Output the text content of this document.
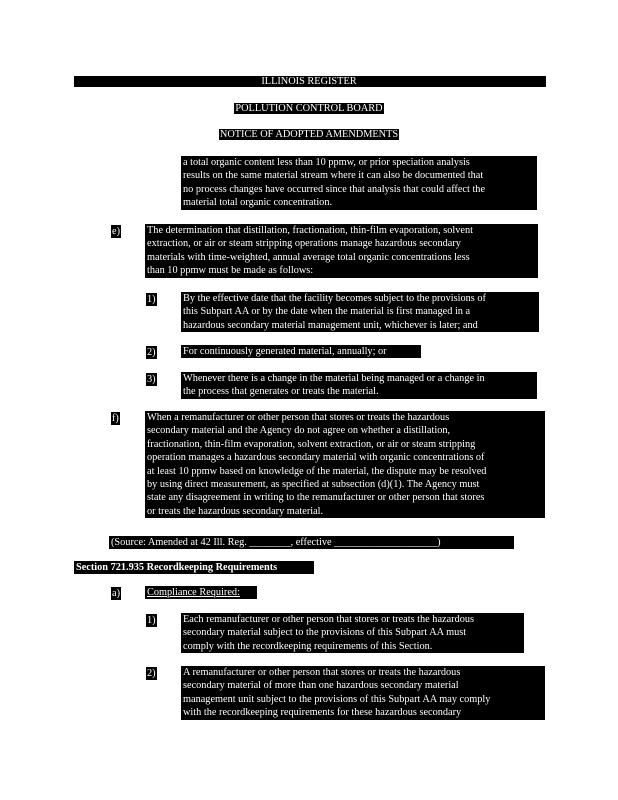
ILLINOIS REGISTER
POLLUTION CONTROL BOARD
NOTICE OF ADOPTED AMENDMENTS
a total organic content less than 10 ppmw, or prior speciation analysis
results on the same material stream where it can also be documented that
no process changes have occurred since that analysis that could affect the
material total organic concentration.
e)	The determination that distillation, fractionation, thin-film evaporation, solvent
extraction, or air or steam stripping operations manage hazardous secondary
materials with time-weighted, annual average total organic concentrations less
than 10 ppmw must be made as follows:
1)	By the effective date that the facility becomes subject to the provisions of
this Subpart AA or by the date when the material is first managed in a
hazardous secondary material management unit, whichever is later; and
2)	For continuously generated material, annually; or
3)	Whenever there is a change in the material being managed or a change in
the process that generates or treats the material.
f)	When a remanufacturer or other person that stores or treats the hazardous
secondary material and the Agency do not agree on whether a distillation,
fractionation, thin-film evaporation, solvent extraction, or air or steam stripping
operation manages a hazardous secondary material with organic concentrations of
at least 10 ppmw based on knowledge of the material, the dispute may be resolved
by using direct measurement, as specified at subsection (d)(1). The Agency must
state any disagreement in writing to the remanufacturer or other person that stores
or treats the hazardous secondary material.
(Source: Amended at 42 Ill. Reg. ________, effective ____________________)
Section 721.935 Recordkeeping Requirements
a)	Compliance Required:
1)	Each remanufacturer or other person that stores or treats the hazardous
secondary material subject to the provisions of this Subpart AA must
comply with the recordkeeping requirements of this Section.
2)	A remanufacturer or other person that stores or treats the hazardous
secondary material of more than one hazardous secondary material
management unit subject to the provisions of this Subpart AA may comply
with the recordkeeping requirements for these hazardous secondary
